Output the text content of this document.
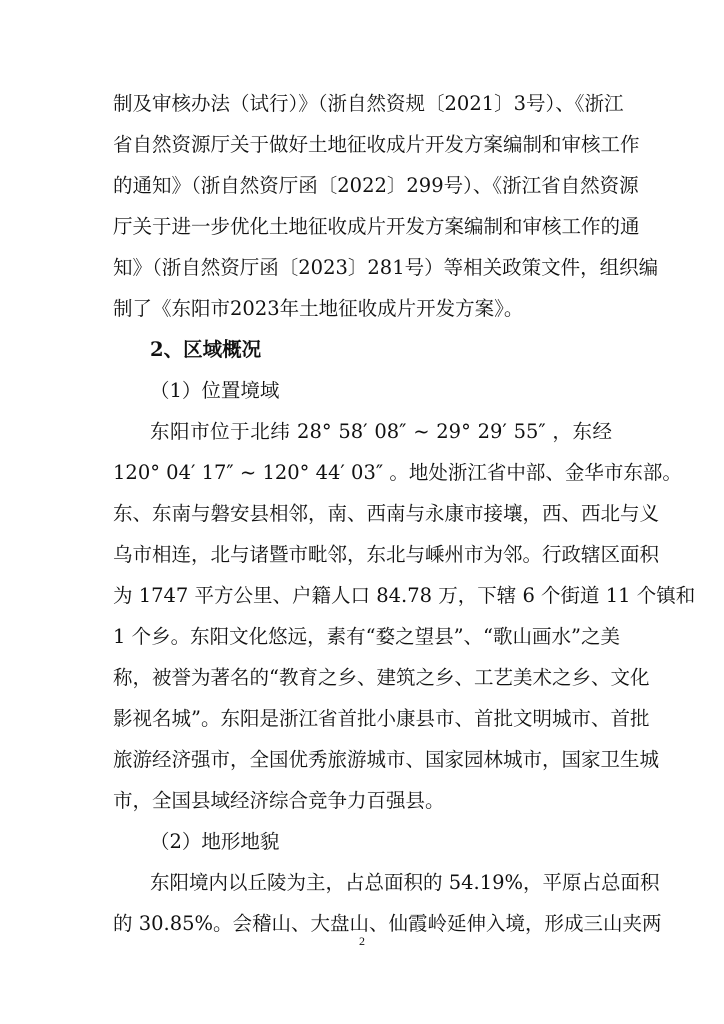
制及审核办法（试行）》（浙自然资规〔2021〕3号）、《浙江
省自然资源厅关于做好土地征收成片开发方案编制和审核工作
的通知》（浙自然资厅函〔2022〕299号）、《浙江省自然资源
厅关于进一步优化土地征收成片开发方案编制和审核工作的通
知》（浙自然资厅函〔2023〕281号）等相关政策文件，组织编
制了《东阳市2023年土地征收成片开发方案》。
2、区域概况
（1）位置境域
东阳市位于北纬 28° 58′ 08″ ~ 29° 29′ 55″ ，东经
120° 04′ 17″ ~ 120° 44′ 03″ 。地处浙江省中部、金华市东部。
东、东南与磐安县相邻，南、西南与永康市接壤，西、西北与义
乌市相连，北与诸暨市毗邻，东北与嵊州市为邻。行政辖区面积
为 1747 平方公里、户籍人口 84.78 万，下辖 6 个街道 11 个镇和
1 个乡。东阳文化悠远，素有“婺之望县”、“歌山画水”之美
称，被誉为著名的“教育之乡、建筑之乡、工艺美术之乡、文化
影视名城”。东阳是浙江省首批小康县市、首批文明城市、首批
旅游经济强市，全国优秀旅游城市、国家园林城市，国家卫生城
市，全国县域经济综合竞争力百强县。
（2）地形地貌
东阳境内以丘陵为主，占总面积的 54.19%，平原占总面积
的 30.85%。会稽山、大盘山、仙霞岭延伸入境，形成三山夹两
2
